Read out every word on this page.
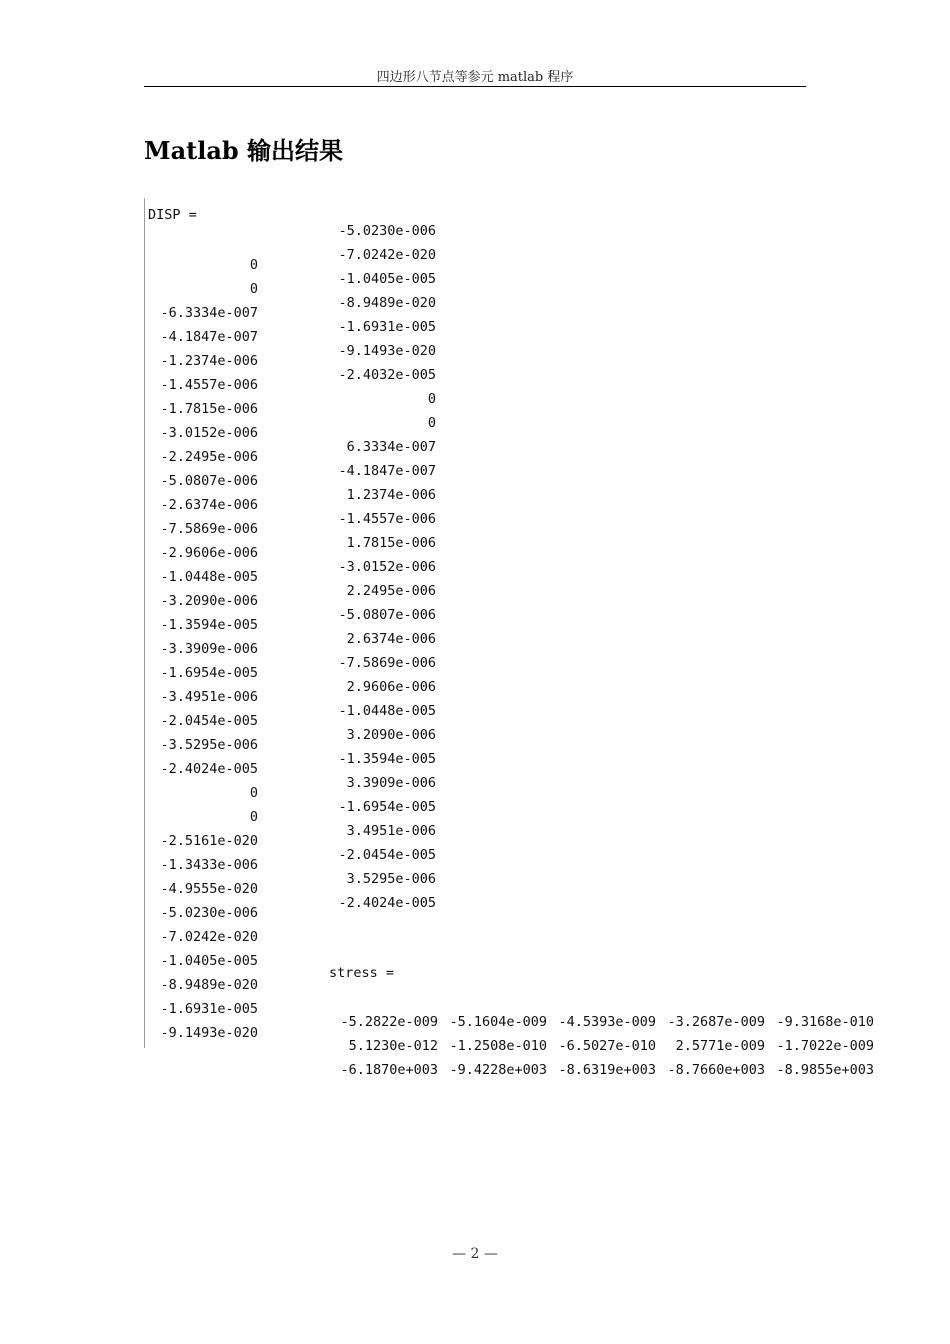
四边形八节点等参元 matlab 程序
Matlab 输出结果
DISP =
0
0
-6.3334e-007
-4.1847e-007
-1.2374e-006
-1.4557e-006
-1.7815e-006
-3.0152e-006
-2.2495e-006
-5.0807e-006
-2.6374e-006
-7.5869e-006
-2.9606e-006
-1.0448e-005
-3.2090e-006
-1.3594e-005
-3.3909e-006
-1.6954e-005
-3.4951e-006
-2.0454e-005
-3.5295e-006
-2.4024e-005
0
0
-2.5161e-020
-1.3433e-006
-4.9555e-020
-5.0230e-006
-7.0242e-020
-1.0405e-005
-8.9489e-020
-1.6931e-005
-9.1493e-020
-5.0230e-006
-7.0242e-020
-1.0405e-005
-8.9489e-020
-1.6931e-005
-9.1493e-020
-2.4032e-005
0
0
6.3334e-007
-4.1847e-007
1.2374e-006
-1.4557e-006
1.7815e-006
-3.0152e-006
2.2495e-006
-5.0807e-006
2.6374e-006
-7.5869e-006
2.9606e-006
-1.0448e-005
3.2090e-006
-1.3594e-005
3.3909e-006
-1.6954e-005
3.4951e-006
-2.0454e-005
3.5295e-006
-2.4024e-005
stress =
-5.2822e-009 -5.1604e-009 -4.5393e-009 -3.2687e-009 -9.3168e-010
5.1230e-012 -1.2508e-010 -6.5027e-010 2.5771e-009 -1.7022e-009
-6.1870e+003 -9.4228e+003 -8.6319e+003 -8.7660e+003 -8.9855e+003
— 2 —
